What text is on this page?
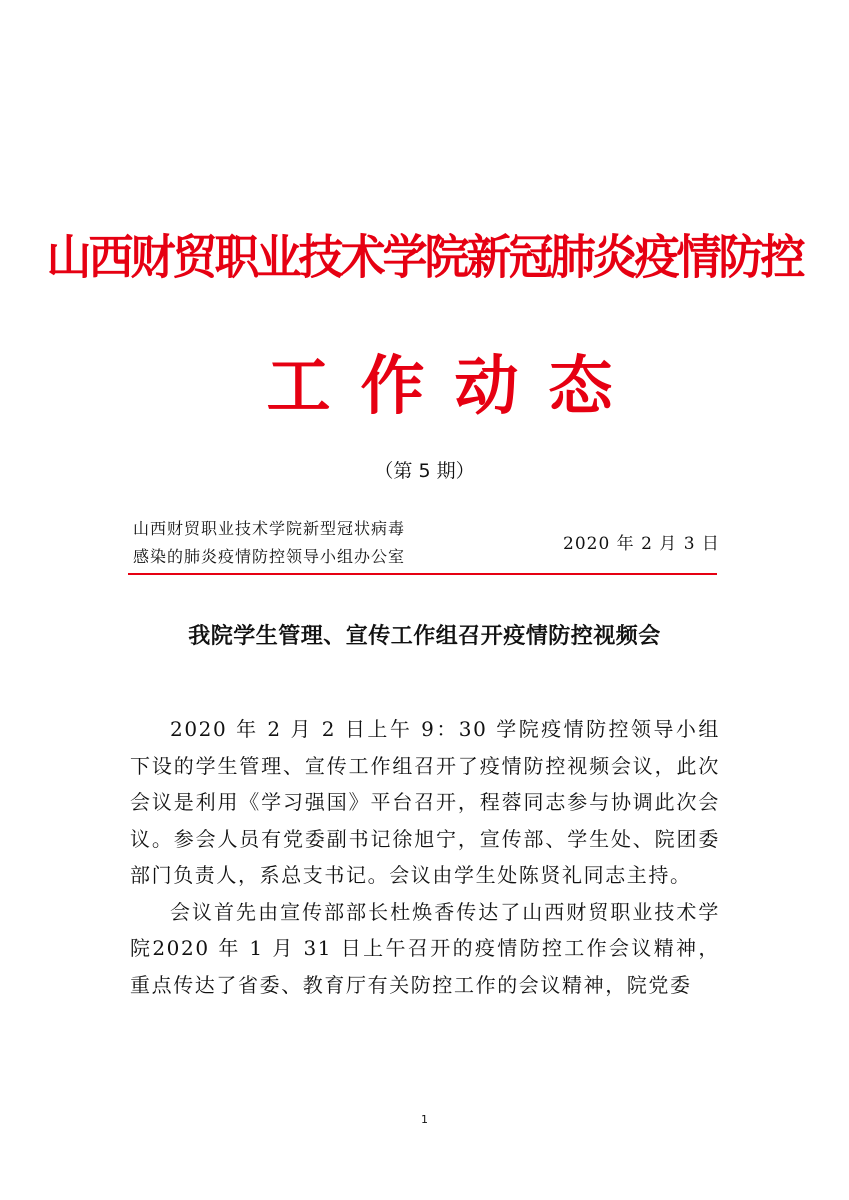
山西财贸职业技术学院新冠肺炎疫情防控
工作动态
（第 5 期）
山西财贸职业技术学院新型冠状病毒
感染的肺炎疫情防控领导小组办公室
2020 年 2 月 3 日
我院学生管理、宣传工作组召开疫情防控视频会

2020 年 2 月 2 日上午 9：30 学院疫情防控领导小组下设的学生管理、宣传工作组召开了疫情防控视频会议，此次会议是利用《学习强国》平台召开，程蓉同志参与协调此次会议。参会人员有党委副书记徐旭宁，宣传部、学生处、院团委部门负责人，系总支书记。会议由学生处陈贤礼同志主持。

会议首先由宣传部部长杜焕香传达了山西财贸职业技术学院2020 年 1 月 31 日上午召开的疫情防控工作会议精神，重点传达了省委、教育厅有关防控工作的会议精神，院党委

1
